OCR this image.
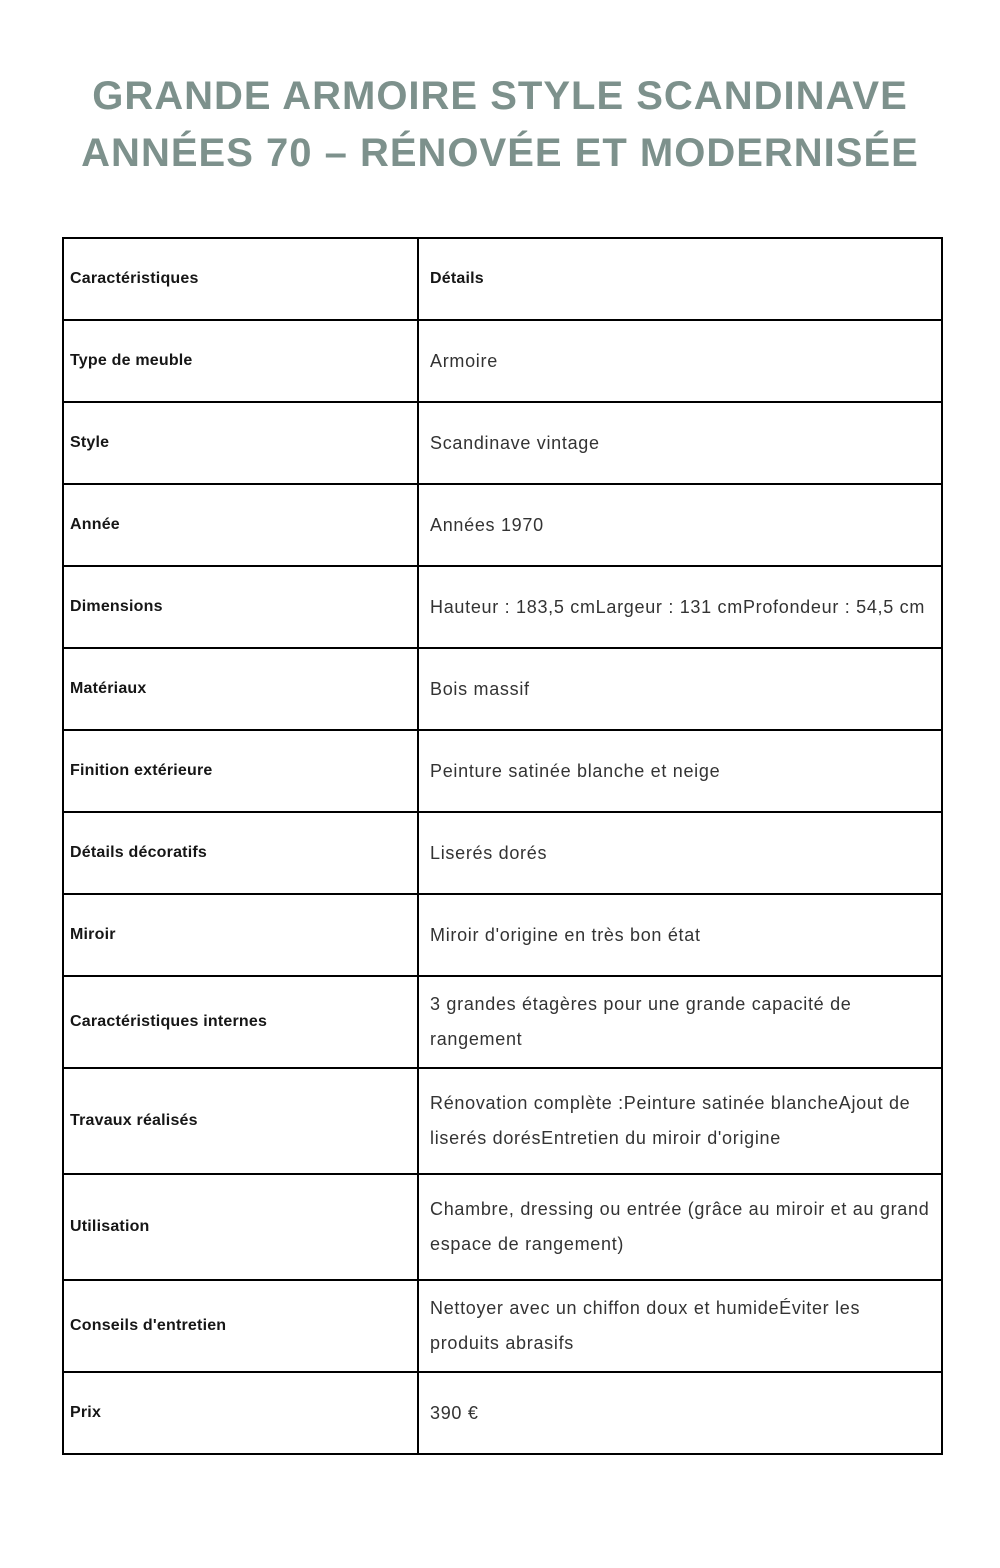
GRANDE ARMOIRE STYLE SCANDINAVE
ANNÉES 70 – RÉNOVÉE ET MODERNISÉE
Caractéristiques	Détails
Type de meuble	Armoire
Style	Scandinave vintage
Année	Années 1970
Dimensions	Hauteur : 183,5 cmLargeur : 131 cmProfondeur : 54,5 cm
Matériaux	Bois massif
Finition extérieure	Peinture satinée blanche et neige
Détails décoratifs	Liserés dorés
Miroir	Miroir d'origine en très bon état
Caractéristiques internes	3 grandes étagères pour une grande capacité de rangement
Travaux réalisés	Rénovation complète :Peinture satinée blancheAjout de liserés dorésEntretien du miroir d'origine
Utilisation	Chambre, dressing ou entrée (grâce au miroir et au grand espace de rangement)
Conseils d'entretien	Nettoyer avec un chiffon doux et humideÉviter les produits abrasifs
Prix	390 €
